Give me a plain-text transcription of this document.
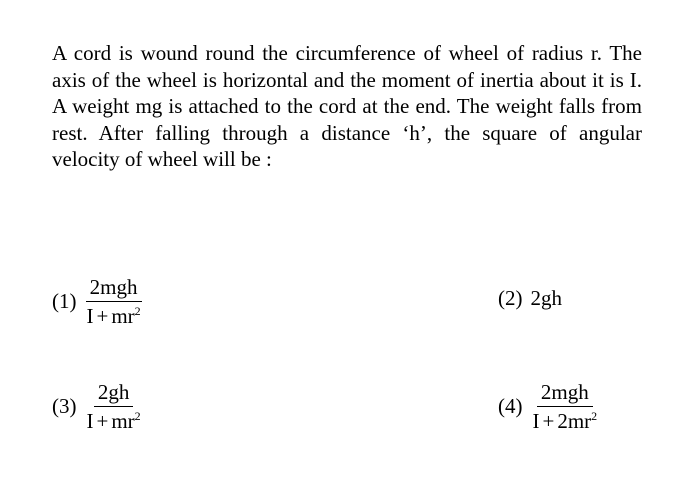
A cord is wound round the circumference of wheel of radius r. The axis of the wheel is horizontal and the moment of inertia about it is I. A weight mg is attached to the cord at the end. The weight falls from rest. After falling through a distance ‘h’, the square of angular velocity of wheel will be :

$(1) \frac{\text{2mgh}}{I + mr^2}$	(2) 2gh
$(3) \frac{2gh}{I + mr^2}$	$(4) \frac{\text{2mgh}}{I + 2mr^2}$
